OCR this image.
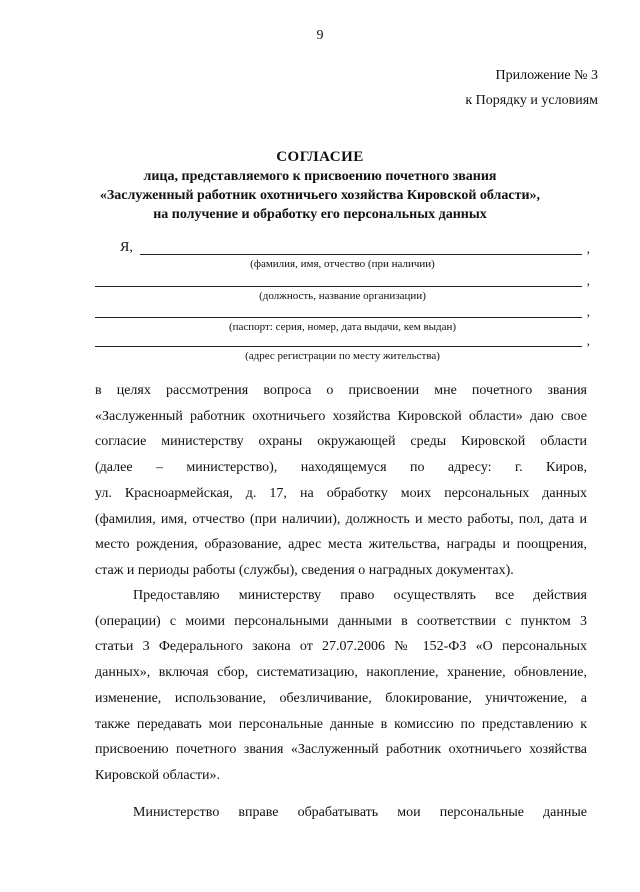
9
Приложение № 3
к Порядку и условиям
СОГЛАСИЕ
лица, представляемого к присвоению почетного звания
«Заслуженный работник охотничьего хозяйства Кировской области»,
на получение и обработку его персональных данных
Я,	,
(фамилия, имя, отчество (при наличии)
,
(должность, название организации)
,
(паспорт: серия, номер, дата выдачи, кем выдан)
,
(адрес регистрации по месту жительства)
в целях рассмотрения вопроса о присвоении мне почетного звания
«Заслуженный работник охотничьего хозяйства Кировской области» даю свое
согласие министерству охраны окружающей среды Кировской области
(далее – министерство), находящемуся по адресу: г. Киров,
ул. Красноармейская, д. 17, на обработку моих персональных данных
(фамилия, имя, отчество (при наличии), должность и место работы, пол, дата и
место рождения, образование, адрес места жительства, награды и поощрения,
стаж и периоды работы (службы), сведения о наградных документах).
Предоставляю министерству право осуществлять все действия
(операции) с моими персональными данными в соответствии с пунктом 3
статьи 3 Федерального закона от 27.07.2006 № 152-ФЗ «О персональных
данных», включая сбор, систематизацию, накопление, хранение, обновление,
изменение, использование, обезличивание, блокирование, уничтожение, а
также передавать мои персональные данные в комиссию по представлению к
присвоению почетного звания «Заслуженный работник охотничьего хозяйства
Кировской области».
Министерство вправе обрабатывать мои персональные данные
